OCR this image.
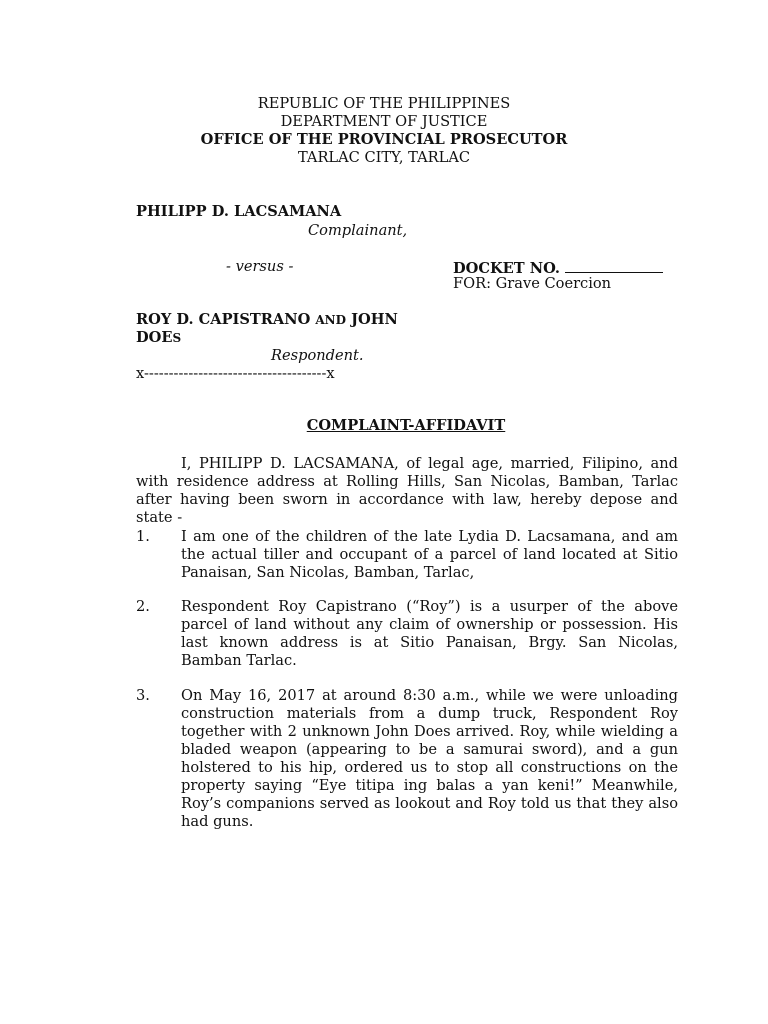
REPUBLIC OF THE PHILIPPINES
DEPARTMENT OF JUSTICE
OFFICE OF THE PROVINCIAL PROSECUTOR
TARLAC CITY, TARLAC
PHILIPP D. LACSAMANA
Complainant,
- versus -	DOCKET NO.
FOR: Grave Coercion
ROY D. CAPISTRANO AND JOHN
DOES
Respondent.
x-------------------------------------x
COMPLAINT-AFFIDAVIT

I, PHILIPP D. LACSAMANA, of legal age, married, Filipino, and with residence address at Rolling Hills, San Nicolas, Bamban, Tarlac after having been sworn in accordance with law, hereby depose and state -

1. I am one of the children of the late Lydia D. Lacsamana, and am the actual tiller and occupant of a parcel of land located at Sitio Panaisan, San Nicolas, Bamban, Tarlac,
2. Respondent Roy Capistrano (“Roy”) is a usurper of the above parcel of land without any claim of ownership or possession. His last known address is at Sitio Panaisan, Brgy. San Nicolas, Bamban Tarlac.
3. On May 16, 2017 at around 8:30 a.m., while we were unloading construction materials from a dump truck, Respondent Roy together with 2 unknown John Does arrived. Roy, while wielding a bladed weapon (appearing to be a samurai sword), and a gun holstered to his hip, ordered us to stop all constructions on the property saying “Eye titipa ing balas a yan keni!” Meanwhile, Roy’s companions served as lookout and Roy told us that they also had guns.
